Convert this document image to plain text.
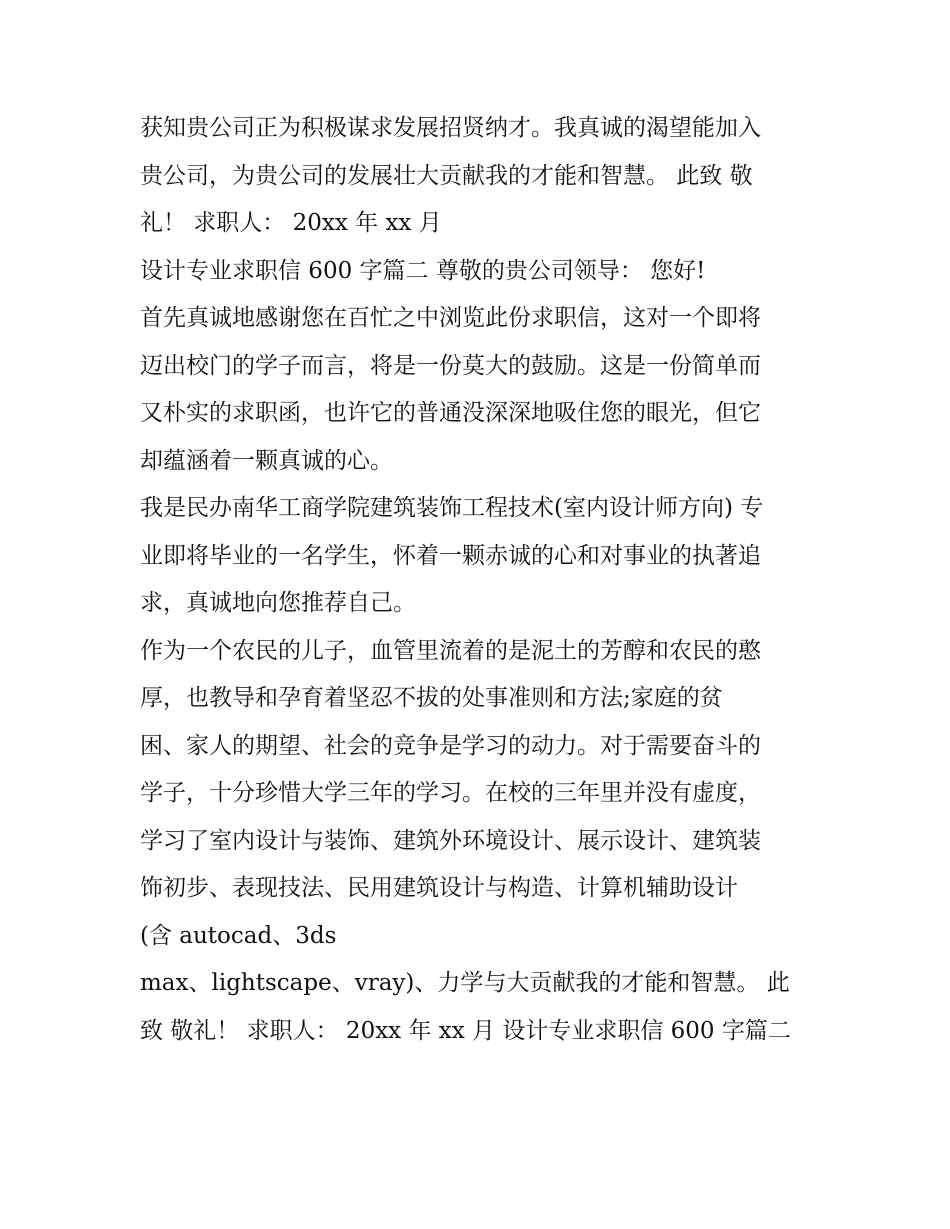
获知贵公司正为积极谋求发展招贤纳才。我真诚的渴望能加入
贵公司，为贵公司的发展壮大贡献我的才能和智慧。 此致 敬
礼！ 求职人： 20xx 年 xx 月
设计专业求职信 600 字篇二 尊敬的贵公司领导： 您好!
首先真诚地感谢您在百忙之中浏览此份求职信，这对一个即将
迈出校门的学子而言，将是一份莫大的鼓励。这是一份简单而
又朴实的求职函，也许它的普通没深深地吸住您的眼光，但它
却蕴涵着一颗真诚的心。
我是民办南华工商学院建筑装饰工程技术(室内设计师方向) 专
业即将毕业的一名学生，怀着一颗赤诚的心和对事业的执著追
求，真诚地向您推荐自己。
作为一个农民的儿子，血管里流着的是泥土的芳醇和农民的憨
厚，也教导和孕育着坚忍不拔的处事准则和方法;家庭的贫
困、家人的期望、社会的竞争是学习的动力。对于需要奋斗的
学子，十分珍惜大学三年的学习。在校的三年里并没有虚度，
学习了室内设计与装饰、建筑外环境设计、展示设计、建筑装
饰初步、表现技法、民用建筑设计与构造、计算机辅助设计
(含 autocad、3ds
max、lightscape、vray)、力学与大贡献我的才能和智慧。 此
致 敬礼！ 求职人： 20xx 年 xx 月 设计专业求职信 600 字篇二
